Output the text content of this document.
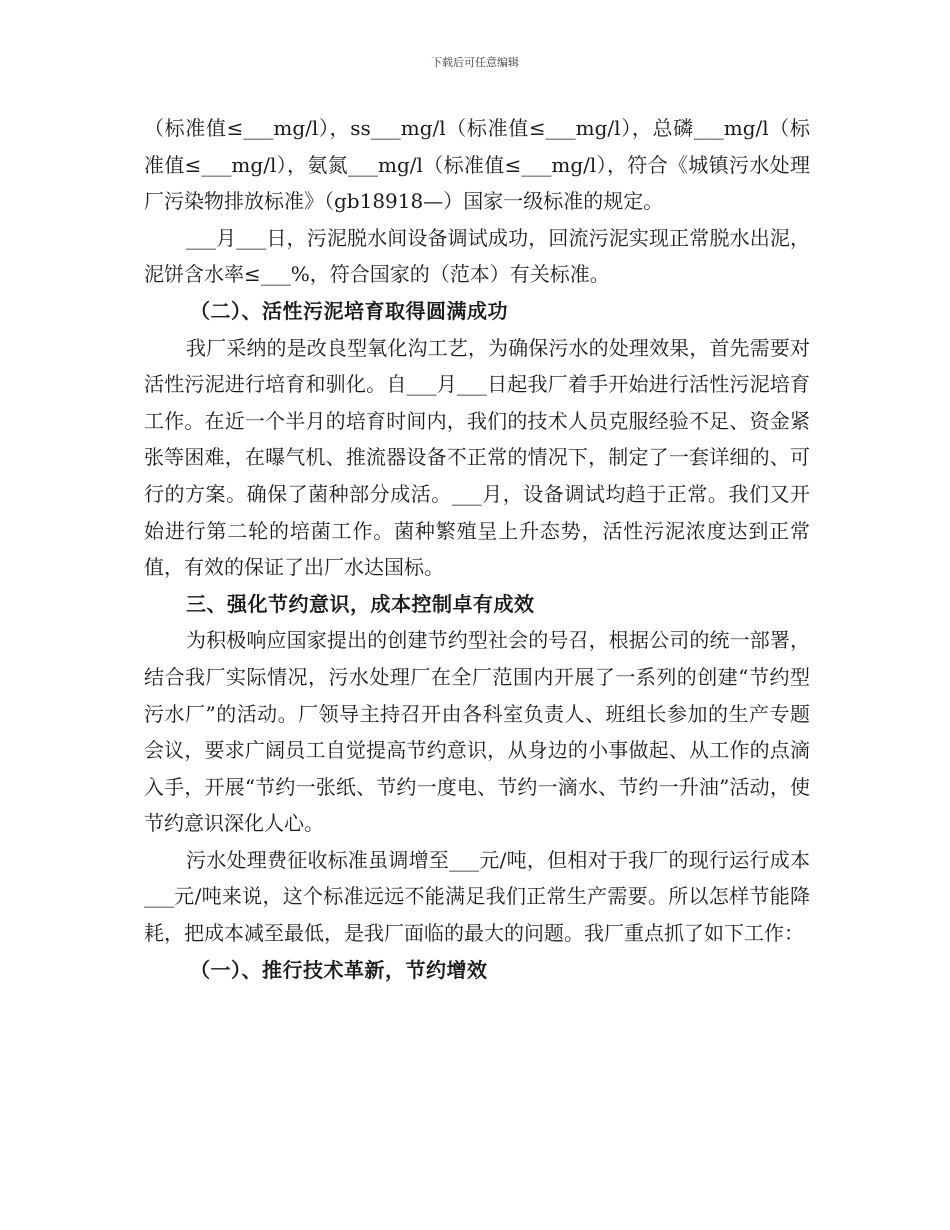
下载后可任意编辑

（标准值≤___mg/l），ss___mg/l（标准值≤___mg/l），总磷___mg/l（标准值≤___mg/l），氨氮___mg/l（标准值≤___mg/l），符合《城镇污水处理厂污染物排放标准》（gb18918—）国家一级标准的规定。

___月___日，污泥脱水间设备调试成功，回流污泥实现正常脱水出泥，泥饼含水率≤___%，符合国家的（范本）有关标准。

（二）、活性污泥培育取得圆满成功

我厂采纳的是改良型氧化沟工艺，为确保污水的处理效果，首先需要对活性污泥进行培育和驯化。自___月___日起我厂着手开始进行活性污泥培育工作。在近一个半月的培育时间内，我们的技术人员克服经验不足、资金紧张等困难，在曝气机、推流器设备不正常的情况下，制定了一套详细的、可行的方案。确保了菌种部分成活。___月，设备调试均趋于正常。我们又开始进行第二轮的培菌工作。菌种繁殖呈上升态势，活性污泥浓度达到正常值，有效的保证了出厂水达国标。

三、强化节约意识，成本控制卓有成效

为积极响应国家提出的创建节约型社会的号召，根据公司的统一部署，结合我厂实际情况，污水处理厂在全厂范围内开展了一系列的创建“节约型污水厂”的活动。厂领导主持召开由各科室负责人、班组长参加的生产专题会议，要求广阔员工自觉提高节约意识，从身边的小事做起、从工作的点滴入手，开展“节约一张纸、节约一度电、节约一滴水、节约一升油”活动，使节约意识深化人心。

污水处理费征收标准虽调增至___元/吨，但相对于我厂的现行运行成本___元/吨来说，这个标准远远不能满足我们正常生产需要。所以怎样节能降耗，把成本减至最低，是我厂面临的最大的问题。我厂重点抓了如下工作：

（一）、推行技术革新，节约增效
